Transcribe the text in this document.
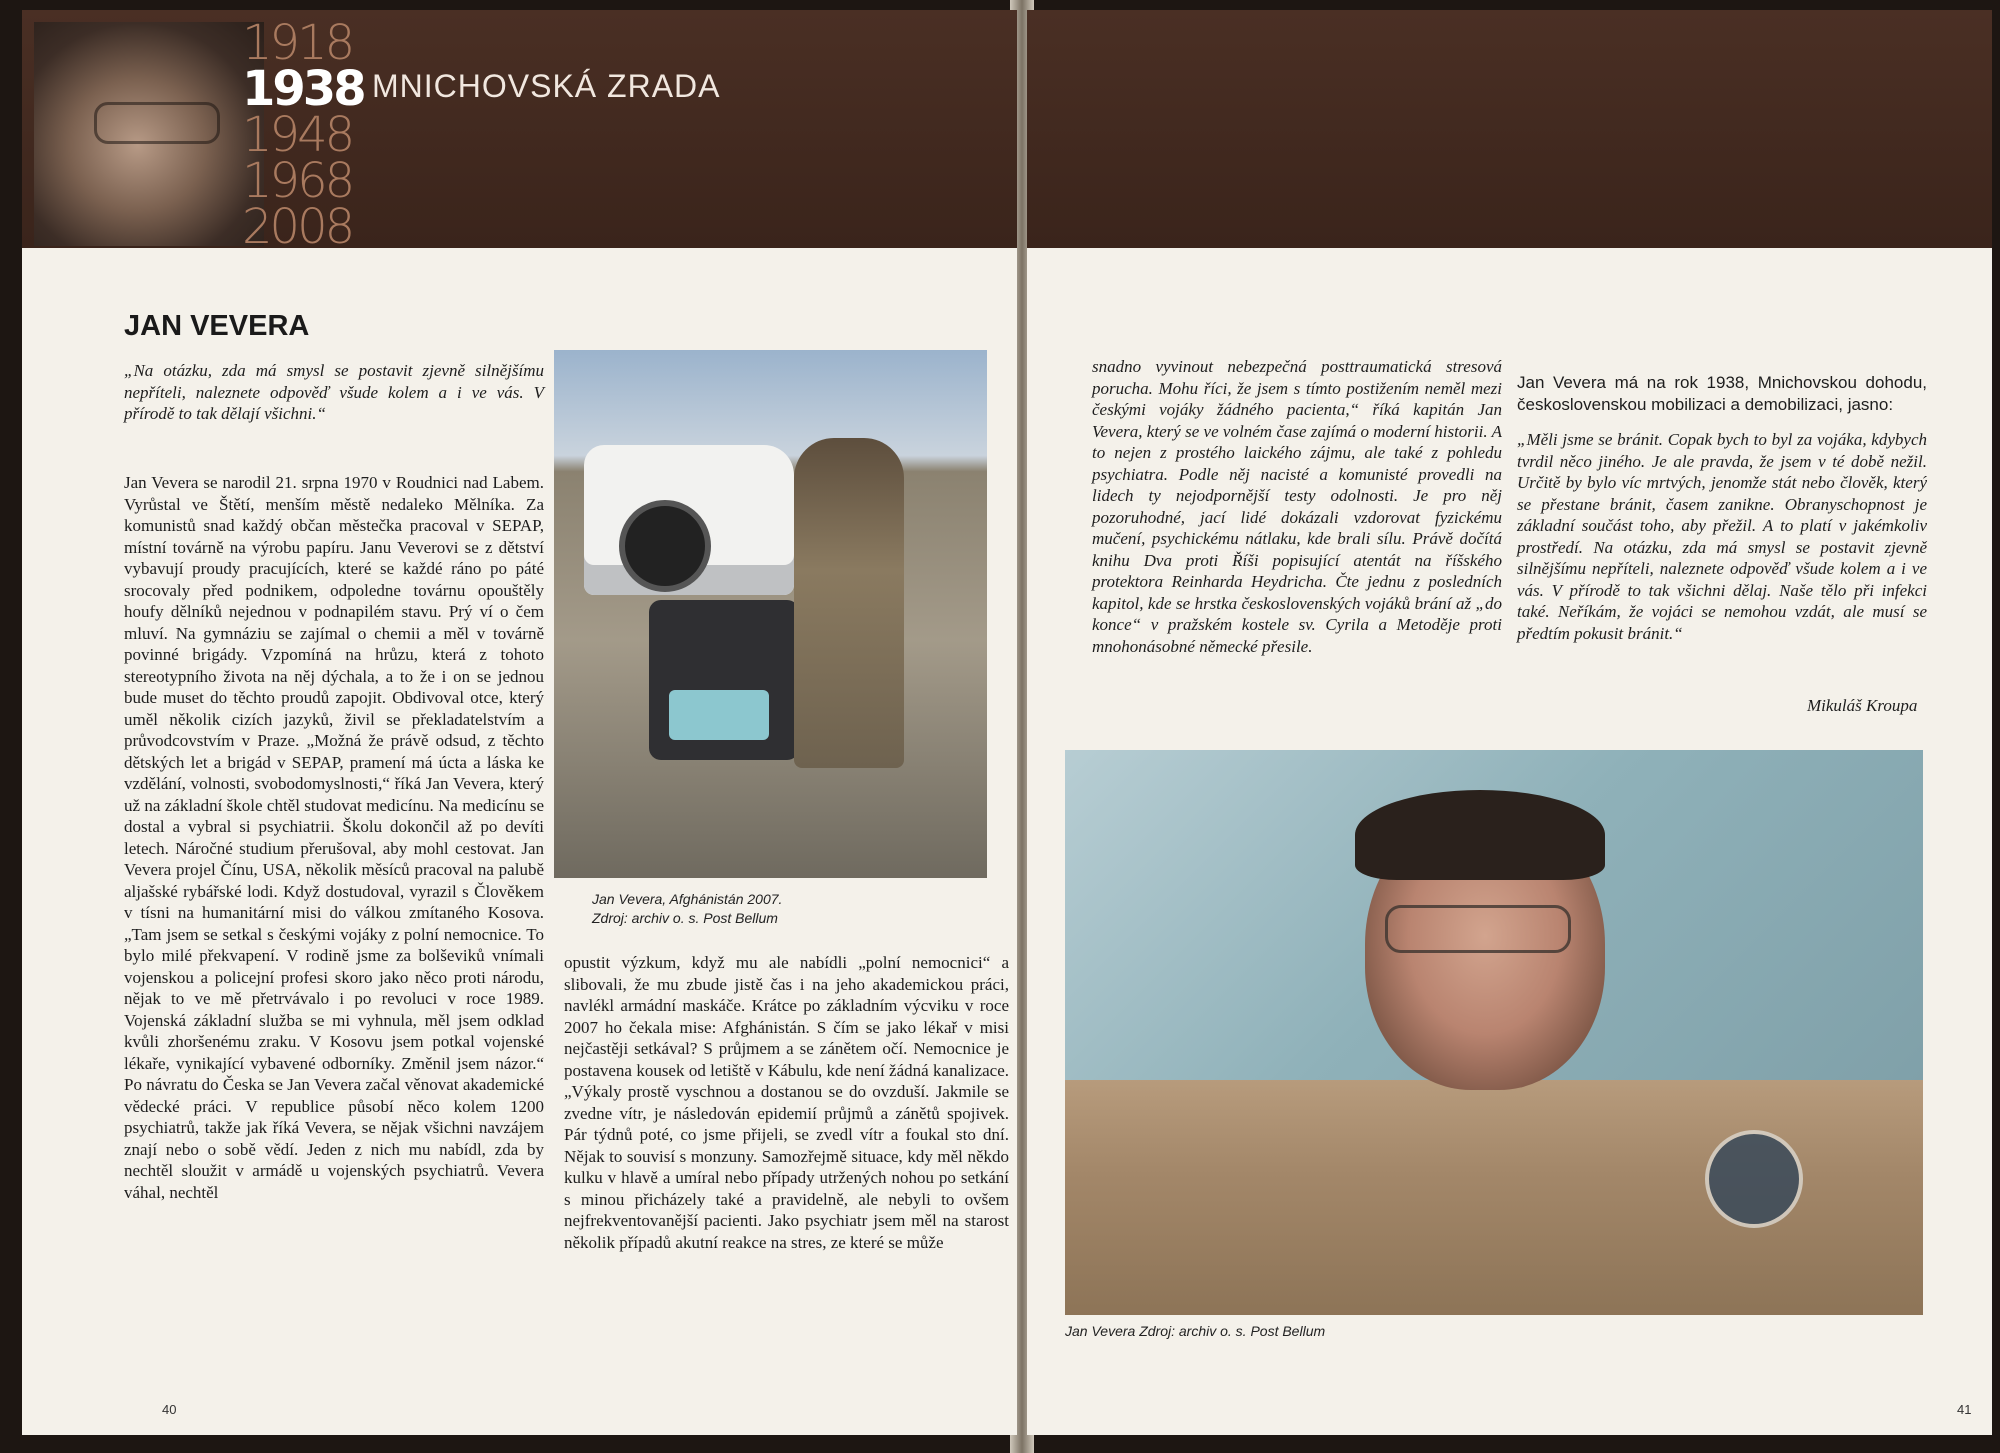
1918
1938
1948
1968
2008
MNICHOVSKÁ ZRADA
JAN VEVERA
„Na otázku, zda má smysl se postavit zjevně silnějšímu nepříteli, naleznete odpověď všude kolem a i ve vás. V přírodě to tak dělají všichni.“
Jan Vevera se narodil 21. srpna 1970 v Roudnici nad Labem. Vyrůstal ve Štětí, menším městě nedaleko Mělníka. Za komunistů snad každý občan městečka pracoval v SEPAP, místní továrně na výrobu papíru. Janu Veverovi se z dětství vybavují proudy pracujících, které se každé ráno po páté srocovaly před podnikem, odpoledne továrnu opouštěly houfy dělníků nejednou v podnapilém stavu. Prý ví o čem mluví. Na gymnáziu se zajímal o chemii a měl v továrně povinné brigády. Vzpomíná na hrůzu, která z tohoto stereotypního života na něj dýchala, a to že i on se jednou bude muset do těchto proudů zapojit. Obdivoval otce, který uměl několik cizích jazyků, živil se překladatelstvím a průvodcovstvím v Praze. „Možná že právě odsud, z těchto dětských let a brigád v SEPAP, pramení má úcta a láska ke vzdělání, volnosti, svobodomyslnosti,“ říká Jan Vevera, který už na základní škole chtěl studovat medicínu. Na medicínu se dostal a vybral si psychiatrii. Školu dokončil až po devíti letech. Náročné studium přerušoval, aby mohl cestovat. Jan Vevera projel Čínu, USA, několik měsíců pracoval na palubě aljašské rybářské lodi. Když dostudoval, vyrazil s Člověkem v tísni na humanitární misi do válkou zmítaného Kosova. „Tam jsem se setkal s českými vojáky z polní nemocnice. To bylo milé překvapení. V rodině jsme za bolševiků vnímali vojenskou a policejní profesi skoro jako něco proti národu, nějak to ve mě přetrvávalo i po revoluci v roce 1989. Vojenská základní služba se mi vyhnula, měl jsem odklad kvůli zhoršenému zraku. V Kosovu jsem potkal vojenské lékaře, vynikající vybavené odborníky. Změnil jsem názor.“ Po návratu do Česka se Jan Vevera začal věnovat akademické vědecké práci. V republice působí něco kolem 1200 psychiatrů, takže jak říká Vevera, se nějak všichni navzájem znají nebo o sobě vědí. Jeden z nich mu nabídl, zda by nechtěl sloužit v armádě u vojenských psychiatrů. Vevera váhal, nechtěl
Jan Vevera, Afghánistán 2007.
Zdroj: archiv o. s. Post Bellum
opustit výzkum, když mu ale nabídli „polní nemocnici“ a slibovali, že mu zbude jistě čas i na jeho akademickou práci, navlékl armádní maskáče. Krátce po základním výcviku v roce 2007 ho čekala mise: Afghánistán. S čím se jako lékař v misi nejčastěji setkával? S průjmem a se zánětem očí. Nemocnice je postavena kousek od letiště v Kábulu, kde není žádná kanalizace. „Výkaly prostě vyschnou a dostanou se do ovzduší. Jakmile se zvedne vítr, je následován epidemií průjmů a zánětů spojivek. Pár týdnů poté, co jsme přijeli, se zvedl vítr a foukal sto dní. Nějak to souvisí s monzuny. Samozřejmě situace, kdy měl někdo kulku v hlavě a umíral nebo případy utržených nohou po setkání s minou přicházely také a pravidelně, ale nebyli to ovšem nejfrekventovanější pacienti. Jako psychiatr jsem měl na starost několik případů akutní reakce na stres, ze které se může
40
snadno vyvinout nebezpečná posttraumatická stresová porucha. Mohu říci, že jsem s tímto postižením neměl mezi českými vojáky žádného pacienta,“ říká kapitán Jan Vevera, který se ve volném čase zajímá o moderní historii. A to nejen z prostého laického zájmu, ale také z pohledu psychiatra. Podle něj nacisté a komunisté provedli na lidech ty nejodpornější testy odolnosti. Je pro něj pozoruhodné, jací lidé dokázali vzdorovat fyzickému mučení, psychickému nátlaku, kde brali sílu. Právě dočítá knihu Dva proti Říši popisující atentát na říšského protektora Reinharda Heydricha. Čte jednu z posledních kapitol, kde se hrstka československých vojáků brání až „do konce“ v pražském kostele sv. Cyrila a Metoděje proti mnohonásobné německé přesile.
Jan Vevera má na rok 1938, Mnichovskou dohodu, československou mobilizaci a demobilizaci, jasno:
„Měli jsme se bránit. Copak bych to byl za vojáka, kdybych tvrdil něco jiného. Je ale pravda, že jsem v té době nežil. Určitě by bylo víc mrtvých, jenomže stát nebo člověk, který se přestane bránit, časem zanikne. Obranyschopnost je základní součást toho, aby přežil. A to platí v jakémkoliv prostředí. Na otázku, zda má smysl se postavit zjevně silnějšímu nepříteli, naleznete odpověď všude kolem a i ve vás. V přírodě to tak všichni dělaj. Naše tělo při infekci také. Neříkám, že vojáci se nemohou vzdát, ale musí se předtím pokusit bránit.“
Mikuláš Kroupa
Jan Vevera Zdroj: archiv o. s. Post Bellum
41
